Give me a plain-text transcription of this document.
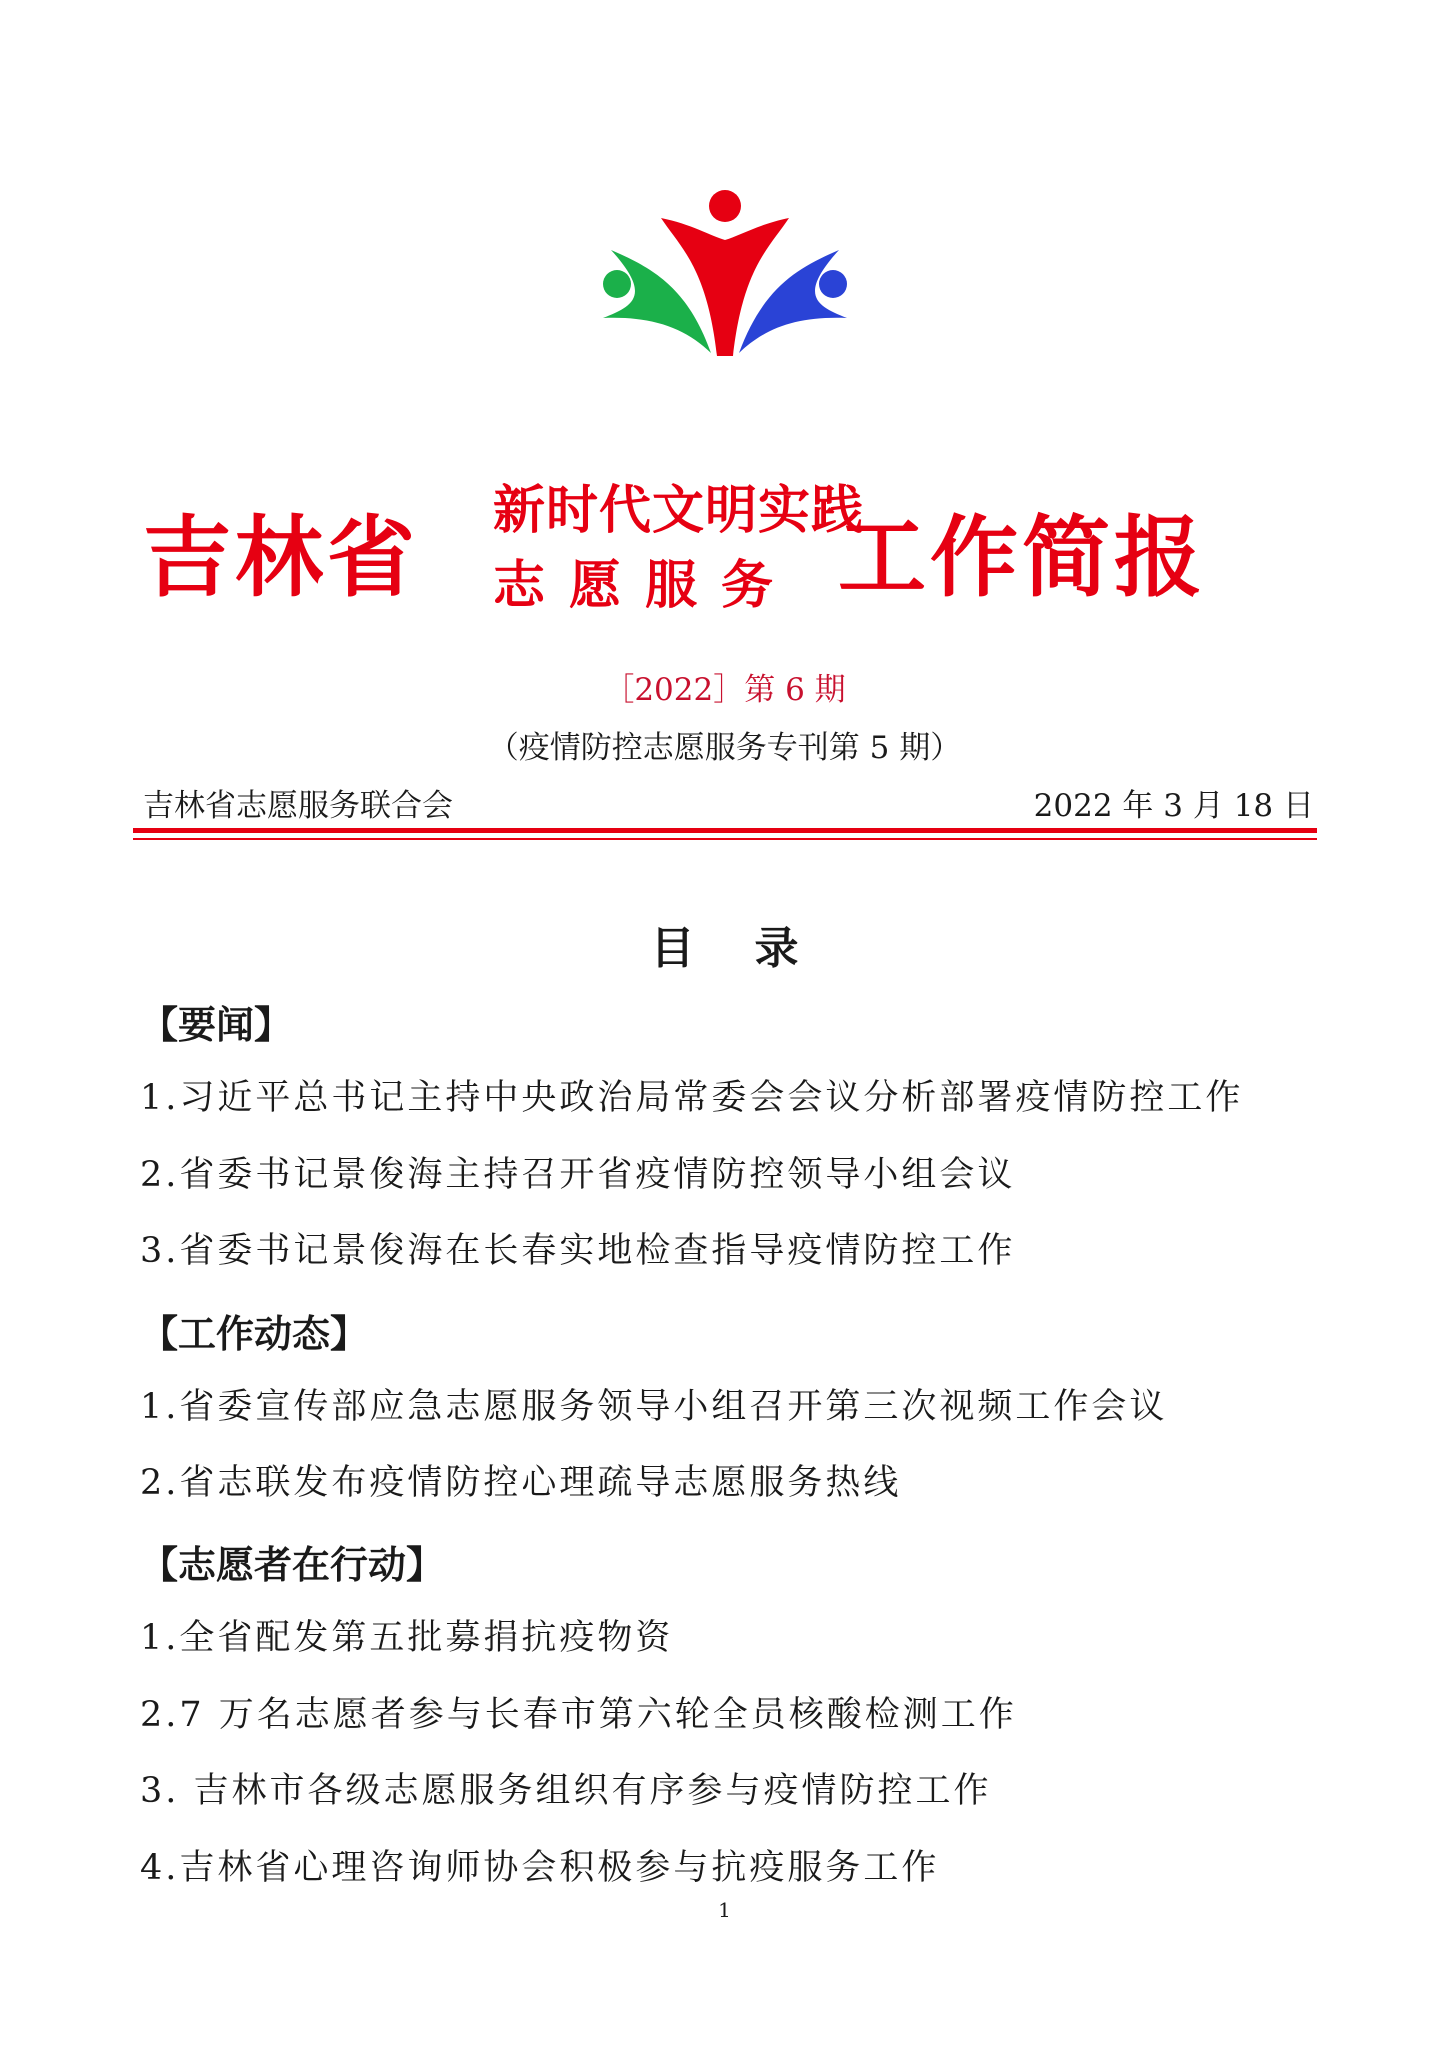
吉林省 新时代文明实践
志愿服务 工作简报
［2022］第 6 期
（疫情防控志愿服务专刊第 5 期）
吉林省志愿服务联合会	2022 年 3 月 18 日
目录
【要闻】
1.习近平总书记主持中央政治局常委会会议分析部署疫情防控工作
2.省委书记景俊海主持召开省疫情防控领导小组会议
3.省委书记景俊海在长春实地检查指导疫情防控工作
【工作动态】
1.省委宣传部应急志愿服务领导小组召开第三次视频工作会议
2.省志联发布疫情防控心理疏导志愿服务热线
【志愿者在行动】
1.全省配发第五批募捐抗疫物资
2.7 万名志愿者参与长春市第六轮全员核酸检测工作
3. 吉林市各级志愿服务组织有序参与疫情防控工作
4.吉林省心理咨询师协会积极参与抗疫服务工作
1
